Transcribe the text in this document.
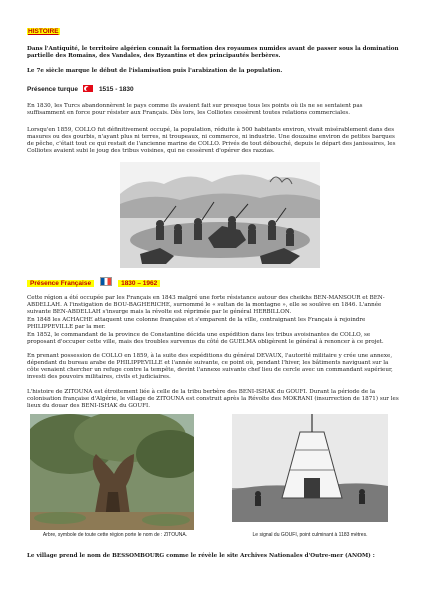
HISTOIRE

Dans l'Antiquité, le territoire algérien connaît la formation des royaumes numides avant de passer sous la domination partielle des Romains, des Vandales, des Byzantins et des principautés berbères.

Le 7e siècle marque le début de l'islamisation puis l'arabization de la population.

Présence turque	1515 - 1830

En 1830, les Turcs abandonnèrent le pays comme ils avaient fait sur presque tous les points où ils ne se sentaient pas suffisamment en force pour résister aux Français. Dès lors, les Colliotes cessèrent toutes relations commerciales.

Lorsqu'en 1859, COLLO fut définitivement occupé, la population, réduite à 500 habitants environ, vivait misérablement dans des masures ou des gourbis, n'ayant plus ni terres, ni troupeaux, ni commerce, ni industrie. Une douzaine environ de petites barques de pêche, c'était tout ce qui restait de l'ancienne marine de COLLO. Privés de tout débouché, depuis le départ des janissaires, les Colliotes avaient subi le joug des tribus voisines, qui ne cessèrent d'opérer des razzias.

Présence Française	1830 – 1962

Cette région a été occupée par les Français en 1843 malgré une forte résistance autour des cheikhs BEN-MANSOUR et BEN-ABDELLAH. A l'instigation de BOU-BAGHERICHE, surnommé le « sultan de la montagne », elle se soulève en 1846. L'année suivante BEN-ABDELLAH s'insurge mais la révolte est réprimée par le général HERBILLON.

En 1848 les ACHACHE attaquent une colonne française et s'emparent de la ville, contraignant les Français à rejoindre PHILIPPEVILLE par la mer.

En 1852, le commandant de la province de Constantine décida une expédition dans les tribus avoisinantes de COLLO, se proposant d'occuper cette ville, mais des troubles survenus du côté de GUELMA obligèrent le général à renoncer à ce projet.

En prenant possession de COLLO en 1859, à la suite des expéditions du général DEVAUX, l'autorité militaire y crée une annexe, dépendant du bureau arabe de PHILIPPEVILLE et l'année suivante, ce point où, pendant l'hiver, les bâtiments naviguant sur la côte venaient chercher un refuge contre la tempête, devint l'annexe suivante chef lieu de cercle avec un commandant supérieur, investi des pouvoirs militaires, civils et judiciaires.

L'histoire de ZITOUNA est étroitement liée à celle de la tribu berbère des BENI-ISHAK du GOUFI. Durant la période de la colonisation française d'Algérie, le village de ZITOUNA est construit après la Révolte des MOKRANI (insurrection de 1871) sur les lieux du douar des BENI-ISHAK du GOUFI.

Arbre, symbole de toute cette région porte le nom de : ZITOUNA.	Le signal du GOUFI, point culminant à 1183 mètres.

Le village prend le nom de BESSOMBOURG comme le révèle le site Archives Nationales d'Outre-mer (ANOM) :
